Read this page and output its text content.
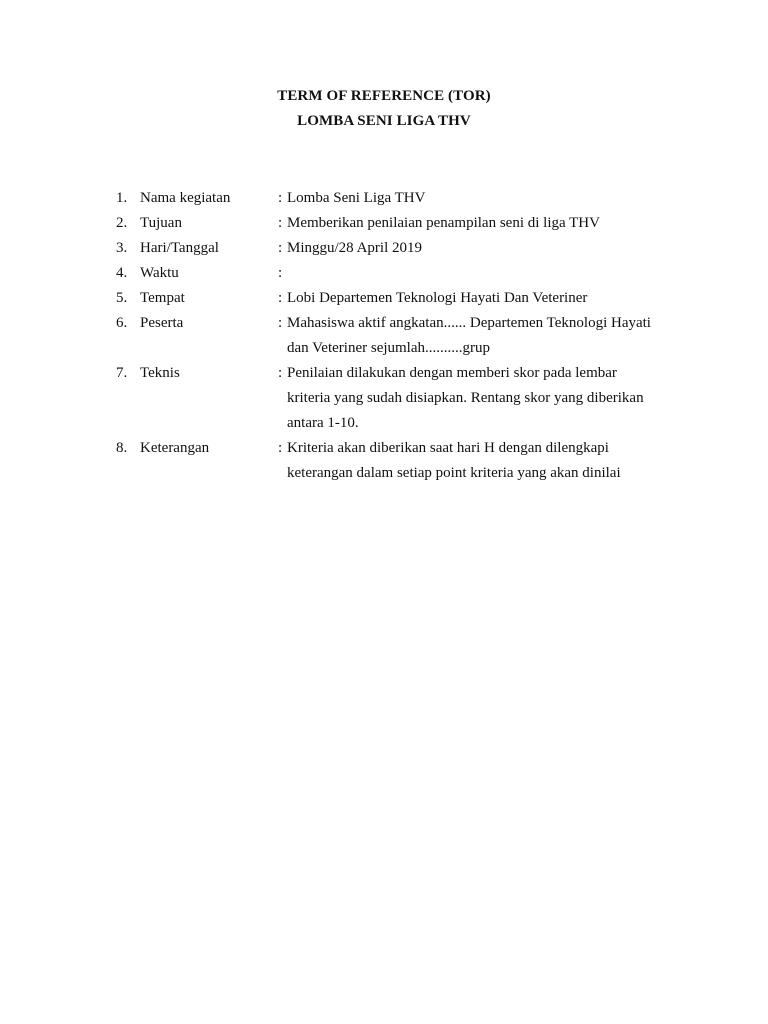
TERM OF REFERENCE (TOR)
LOMBA SENI LIGA THV
1. Nama kegiatan	: Lomba Seni Liga THV
2. Tujuan	: Memberikan penilaian penampilan seni di liga THV
3. Hari/Tanggal	: Minggu/28 April 2019
4. Waktu	:

5. Tempat	: Lobi Departemen Teknologi Hayati Dan Veteriner
6. Peserta	: Mahasiswa aktif angkatan...... Departemen Teknologi Hayati
dan Veteriner sejumlah..........grup
7. Teknis	: Penilaian dilakukan dengan memberi skor pada lembar
kriteria yang sudah disiapkan. Rentang skor yang diberikan
antara 1-10.
8. Keterangan	: Kriteria akan diberikan saat hari H dengan dilengkapi
keterangan dalam setiap point kriteria yang akan dinilai
